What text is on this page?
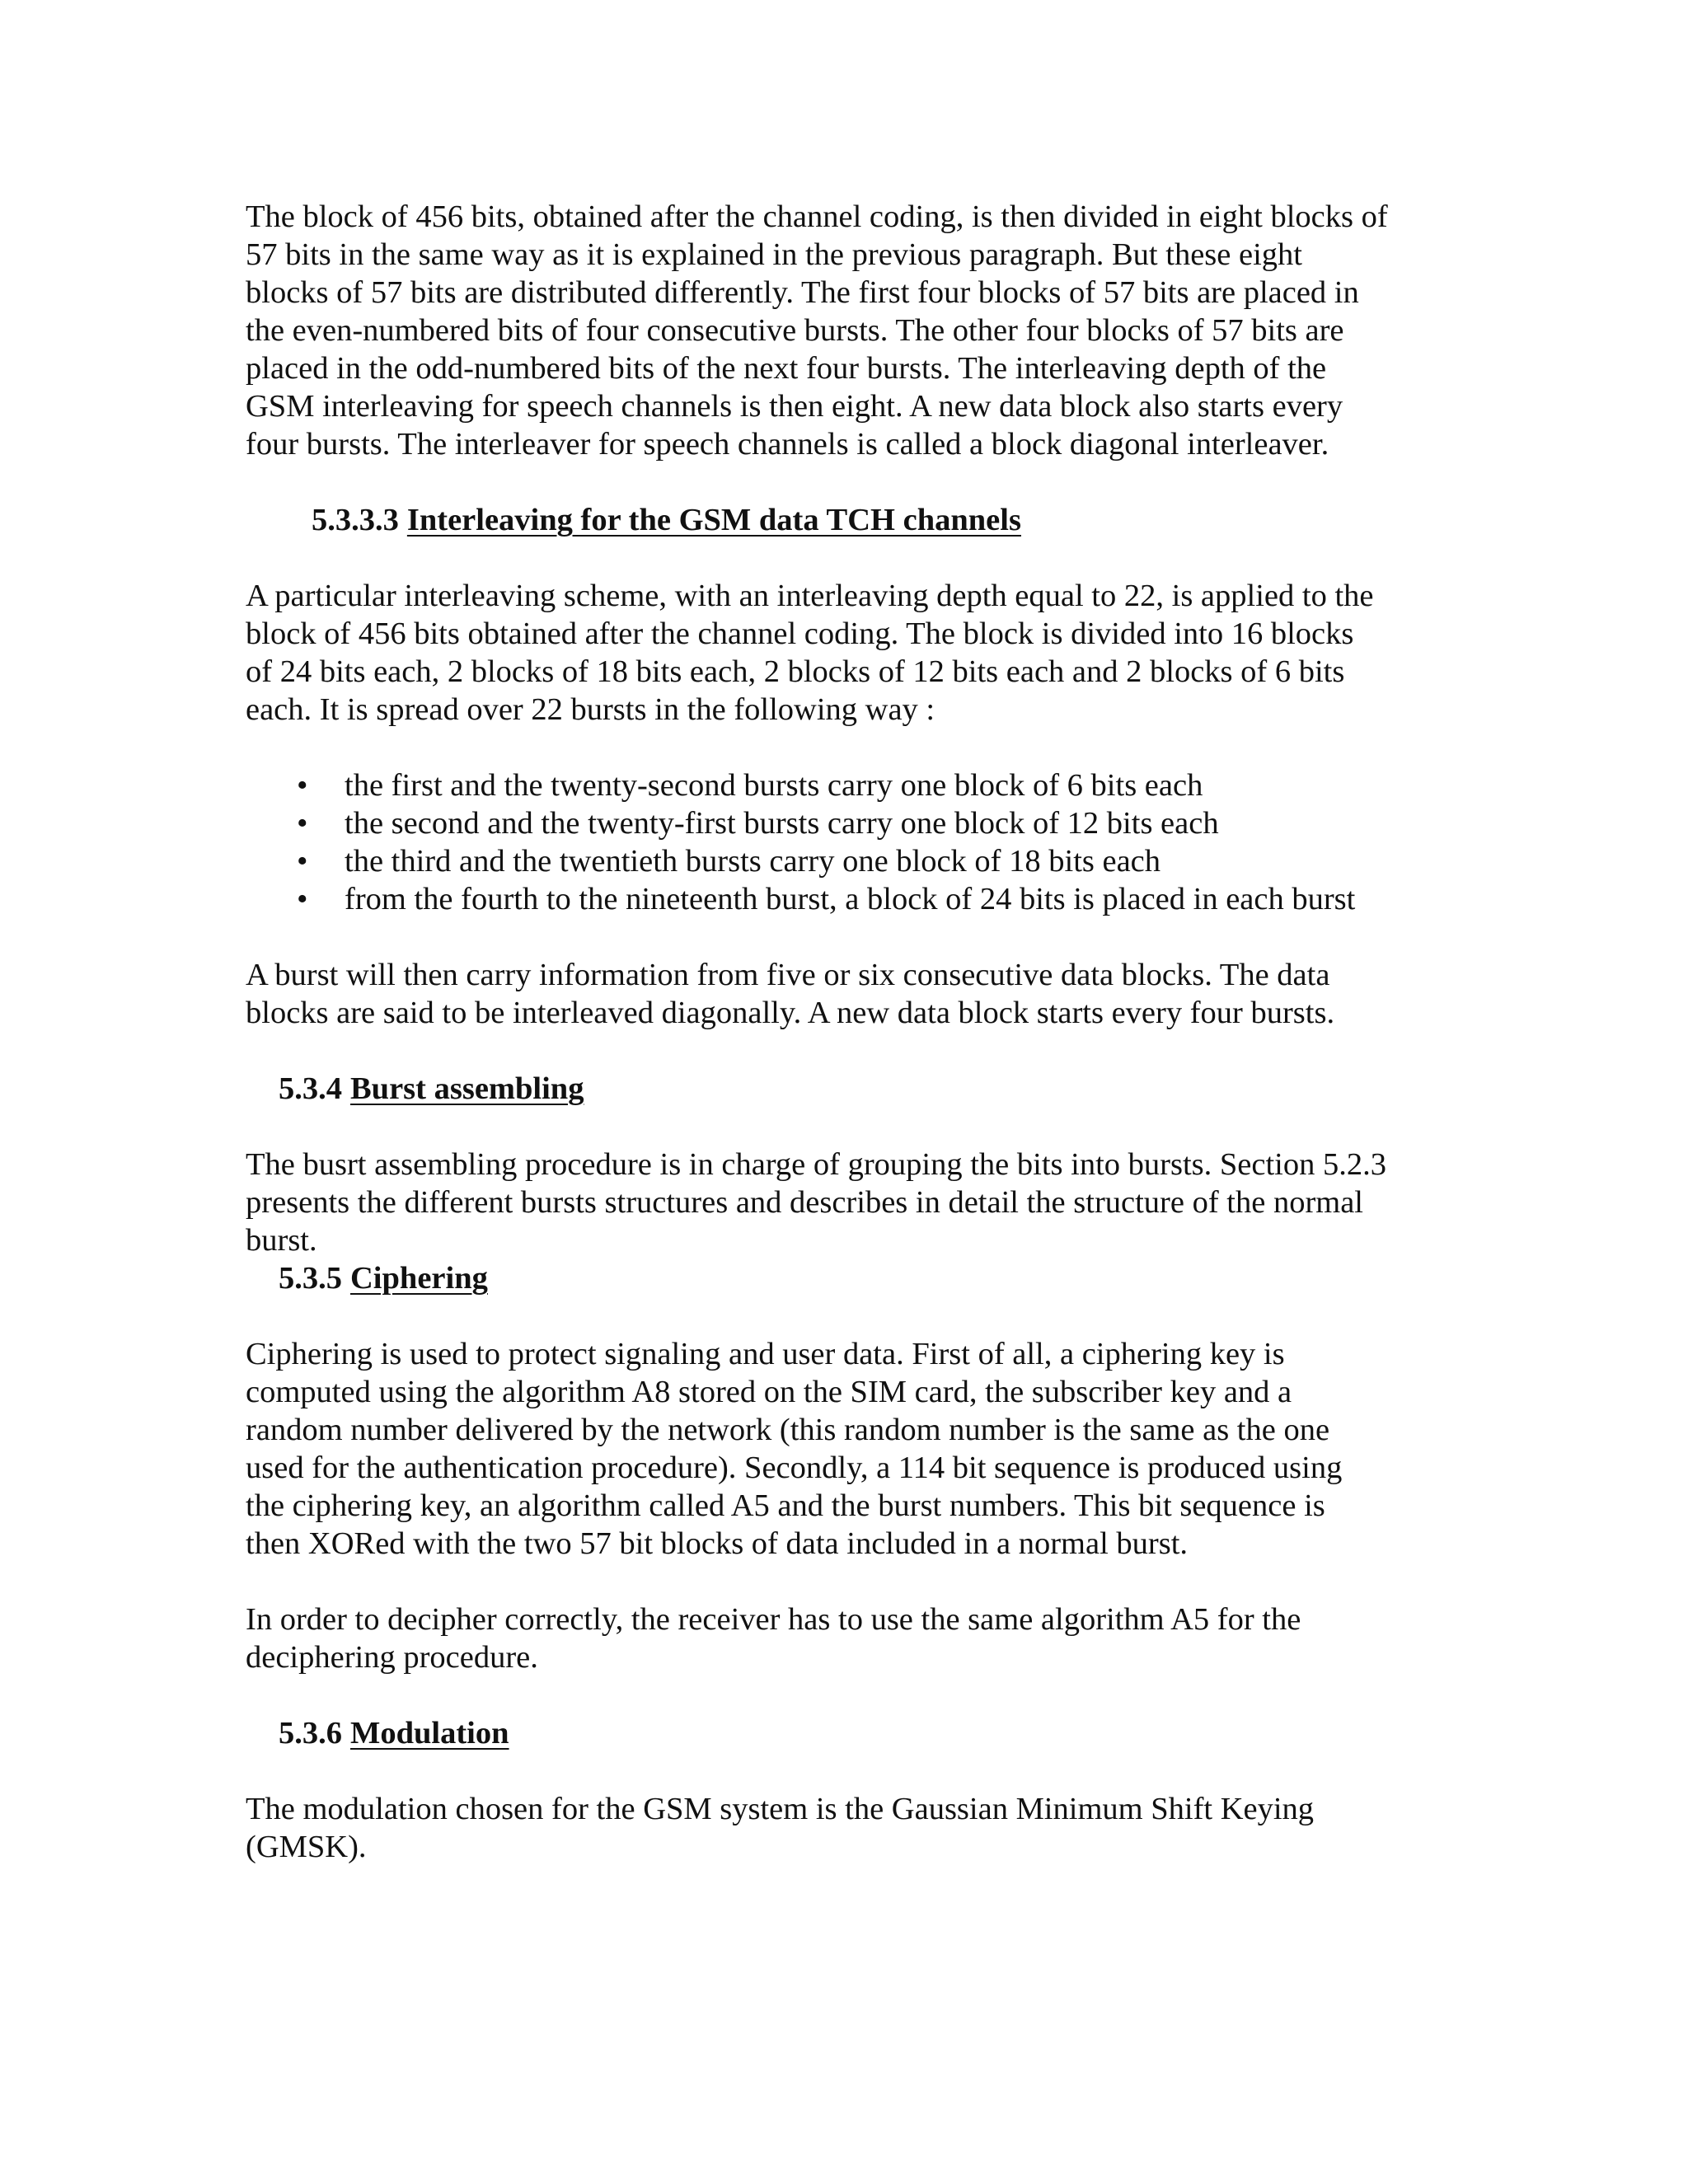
The block of 456 bits, obtained after the channel coding, is then divided in eight blocks of
57 bits in the same way as it is explained in the previous paragraph. But these eight
blocks of 57 bits are distributed differently. The first four blocks of 57 bits are placed in
the even-numbered bits of four consecutive bursts. The other four blocks of 57 bits are
placed in the odd-numbered bits of the next four bursts. The interleaving depth of the
GSM interleaving for speech channels is then eight. A new data block also starts every
four bursts. The interleaver for speech channels is called a block diagonal interleaver.

5.3.3.3 Interleaving for the GSM data TCH channels

A particular interleaving scheme, with an interleaving depth equal to 22, is applied to the
block of 456 bits obtained after the channel coding. The block is divided into 16 blocks
of 24 bits each, 2 blocks of 18 bits each, 2 blocks of 12 bits each and 2 blocks of 6 bits
each. It is spread over 22 bursts in the following way :

• the first and the twenty-second bursts carry one block of 6 bits each
• the second and the twenty-first bursts carry one block of 12 bits each
• the third and the twentieth bursts carry one block of 18 bits each
• from the fourth to the nineteenth burst, a block of 24 bits is placed in each burst

A burst will then carry information from five or six consecutive data blocks. The data
blocks are said to be interleaved diagonally. A new data block starts every four bursts.

5.3.4 Burst assembling

The busrt assembling procedure is in charge of grouping the bits into bursts. Section 5.2.3
presents the different bursts structures and describes in detail the structure of the normal
burst.

5.3.5 Ciphering

Ciphering is used to protect signaling and user data. First of all, a ciphering key is
computed using the algorithm A8 stored on the SIM card, the subscriber key and a
random number delivered by the network (this random number is the same as the one
used for the authentication procedure). Secondly, a 114 bit sequence is produced using
the ciphering key, an algorithm called A5 and the burst numbers. This bit sequence is
then XORed with the two 57 bit blocks of data included in a normal burst.

In order to decipher correctly, the receiver has to use the same algorithm A5 for the
deciphering procedure.

5.3.6 Modulation

The modulation chosen for the GSM system is the Gaussian Minimum Shift Keying
(GMSK).
